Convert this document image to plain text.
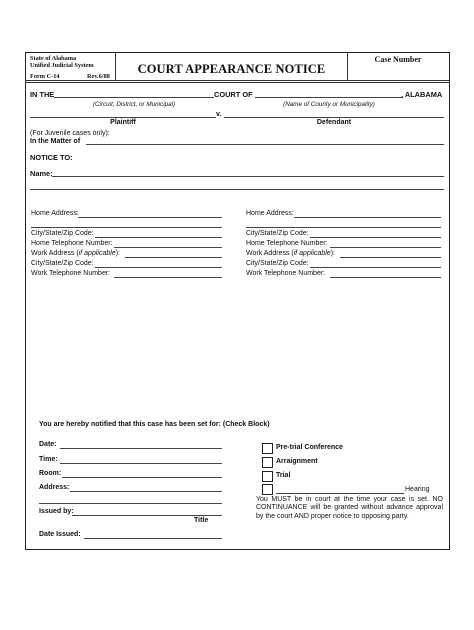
State of Alabama
Unified Judicial System
Form C-14	Rev.6/88
COURT APPEARANCE NOTICE
Case Number
IN THE	COURT OF	, ALABAMA
(Circuit, District, or Municipal)	(Name of County or Municipality)
v.
Plaintiff	Defendant
(For Juvenile cases only):
In the Matter of
NOTICE TO:
Name:
Home Address:
City/State/Zip Code:
Home Telephone Number:
Work Address (if applicable):
City/State/Zip Code:
Work Telephone Number:
Home Address:
City/State/Zip Code:
Home Telephone Number:
Work Address (if applicable):
City/State/Zip Code:
Work Telephone Number:
You are hereby notified that this case has been set for: (Check Block)
Date:
Time:
Room:
Address:
Issued by:
Title
Date Issued:
Pre-trial Conference
Arraignment
Trial
Hearing
You MUST be in court at the time your case is set. NO CONTINUANCE will be granted without advance approval by the court AND proper notice to opposing party.
